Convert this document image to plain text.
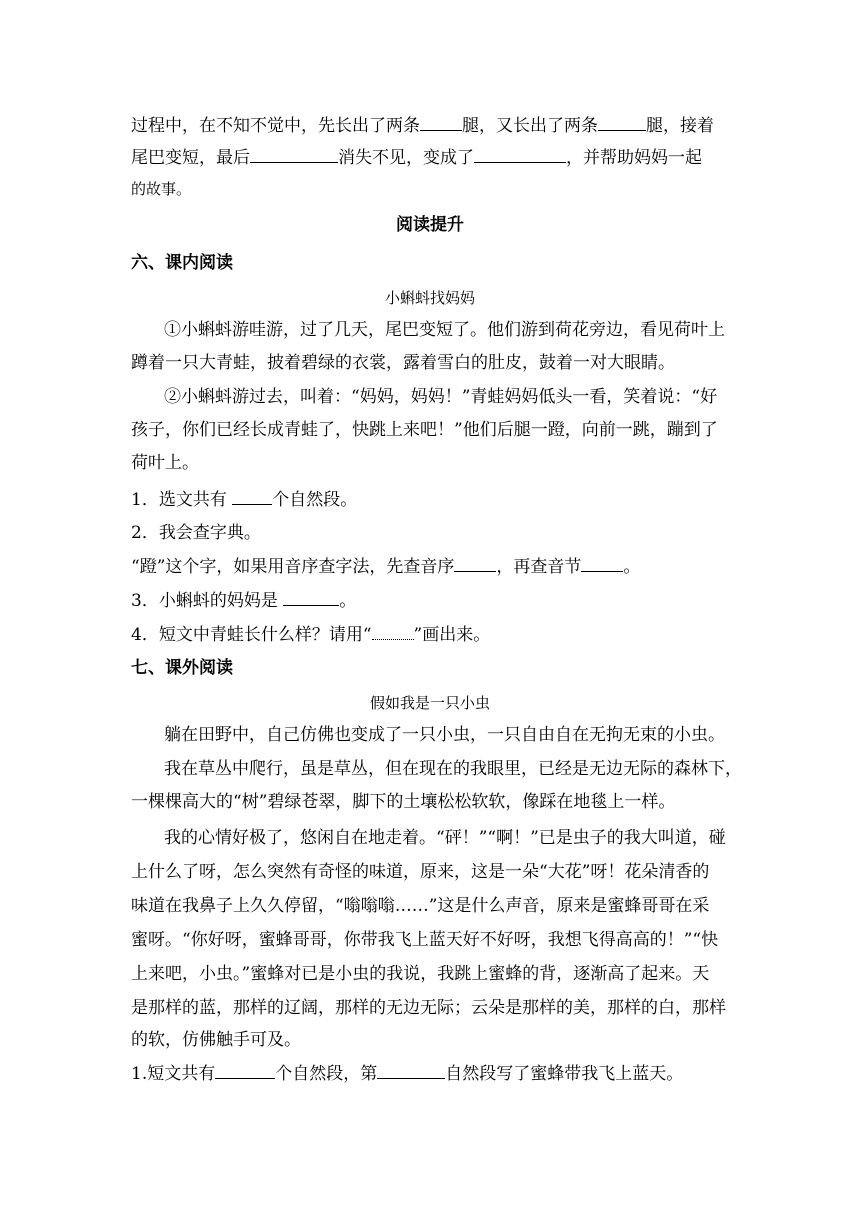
过程中，在不知不觉中，先长出了两条 腿，又长出了两条	腿，接着
尾巴变短，最后	消失不见，变成了	，并帮助妈妈一起
的故事。
阅读提升
六、课内阅读
小蝌蚪找妈妈
①小蝌蚪游哇游，过了几天，尾巴变短了。他们游到荷花旁边，看见荷叶上
蹲着一只大青蛙，披着碧绿的衣裳，露着雪白的肚皮，鼓着一对大眼睛。
②小蝌蚪游过去，叫着：“妈妈，妈妈！”青蛙妈妈低头一看，笑着说：“好
孩子，你们已经长成青蛙了，快跳上来吧！”他们后腿一蹬，向前一跳，蹦到了
荷叶上。
1．选文共有 个自然段。
2．我会查字典。
“蹬”这个字，如果用音序查字法，先查音序 ，再查音节 。
3．小蝌蚪的妈妈是	。
4．短文中青蛙长什么样？请用“ ”画出来。
七、课外阅读
假如我是一只小虫
躺在田野中，自己仿佛也变成了一只小虫，一只自由自在无拘无束的小虫。
我在草丛中爬行，虽是草丛，但在现在的我眼里，已经是无边无际的森林下，
一棵棵高大的“树”碧绿苍翠，脚下的土壤松松软软，像踩在地毯上一样。
我的心情好极了，悠闲自在地走着。“砰！”“啊！”已是虫子的我大叫道，碰
上什么了呀，怎么突然有奇怪的味道，原来，这是一朵“大花”呀！花朵清香的
味道在我鼻子上久久停留，“嗡嗡嗡……”这是什么声音，原来是蜜蜂哥哥在采
蜜呀。“你好呀，蜜蜂哥哥，你带我飞上蓝天好不好呀，我想飞得高高的！”“快
上来吧，小虫。”蜜蜂对已是小虫的我说，我跳上蜜蜂的背，逐渐高了起来。天
是那样的蓝，那样的辽阔，那样的无边无际；云朵是那样的美，那样的白，那样
的软，仿佛触手可及。
1.短文共有	个自然段，第	自然段写了蜜蜂带我飞上蓝天。
